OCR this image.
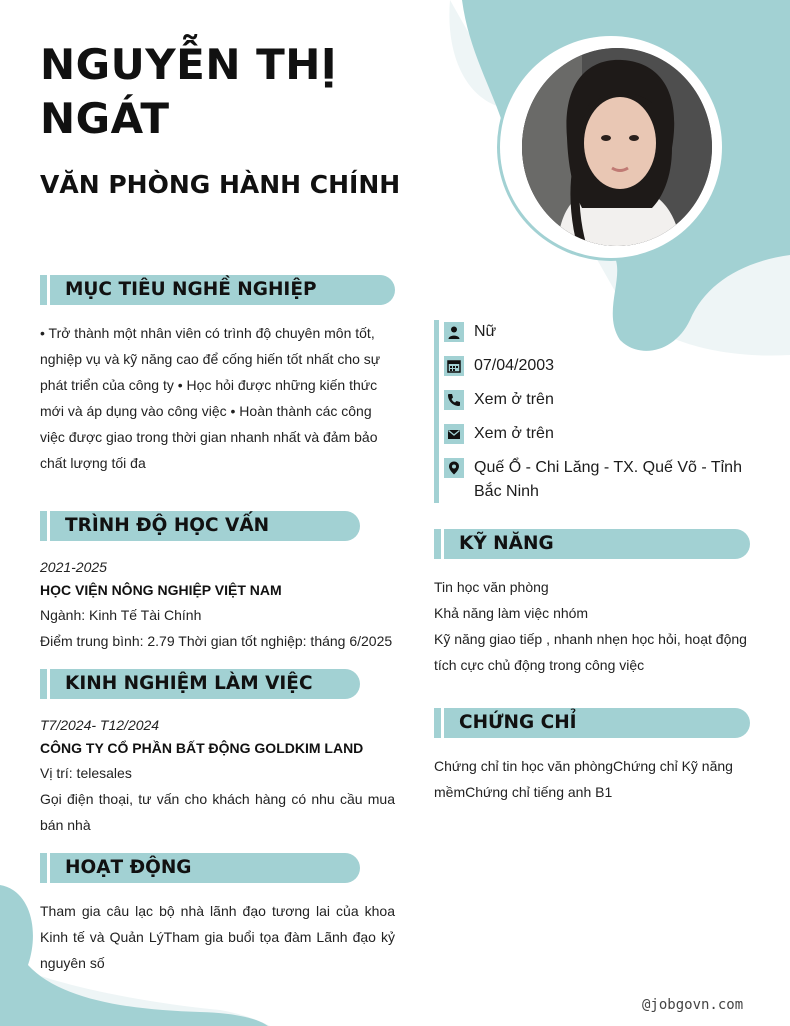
NGUYỄN THỊ
NGÁT
VĂN PHÒNG HÀNH CHÍNH
MỤC TIÊU NGHỀ NGHIỆP
• Trở thành một nhân viên có trình độ chuyên môn tốt, nghiệp vụ và kỹ năng cao để cống hiến tốt nhất cho sự phát triển của công ty • Học hỏi được những kiến thức mới và áp dụng vào công việc • Hoàn thành các công việc được giao trong thời gian nhanh nhất và đảm bảo chất lượng tối đa
TRÌNH ĐỘ HỌC VẤN
2021-2025
HỌC VIỆN NÔNG NGHIỆP VIỆT NAM
Ngành: Kinh Tế Tài Chính
Điểm trung bình: 2.79 Thời gian tốt nghiệp: tháng 6/2025
KINH NGHIỆM LÀM VIỆC
T7/2024- T12/2024
CÔNG TY CỔ PHẦN BẤT ĐỘNG GOLDKIM LAND
Vị trí: telesales
Gọi điện thoại, tư vấn cho khách hàng có nhu cầu mua bán nhà
HOẠT ĐỘNG
Tham gia câu lạc bộ nhà lãnh đạo tương lai của khoa Kinh tế và Quản LýTham gia buổi tọa đàm Lãnh đạo kỷ nguyên số
Nữ
07/04/2003
Xem ở trên
Xem ở trên
Quế Ổ - Chi Lăng - TX. Quế Võ - Tỉnh Bắc Ninh
KỸ NĂNG
Tin học văn phòng
Khả năng làm việc nhóm
Kỹ năng giao tiếp , nhanh nhẹn học hỏi, hoạt động tích cực chủ động trong công việc
CHỨNG CHỈ
Chứng chỉ tin học văn phòngChứng chỉ Kỹ năng mềmChứng chỉ tiếng anh B1
@jobgovn.com
